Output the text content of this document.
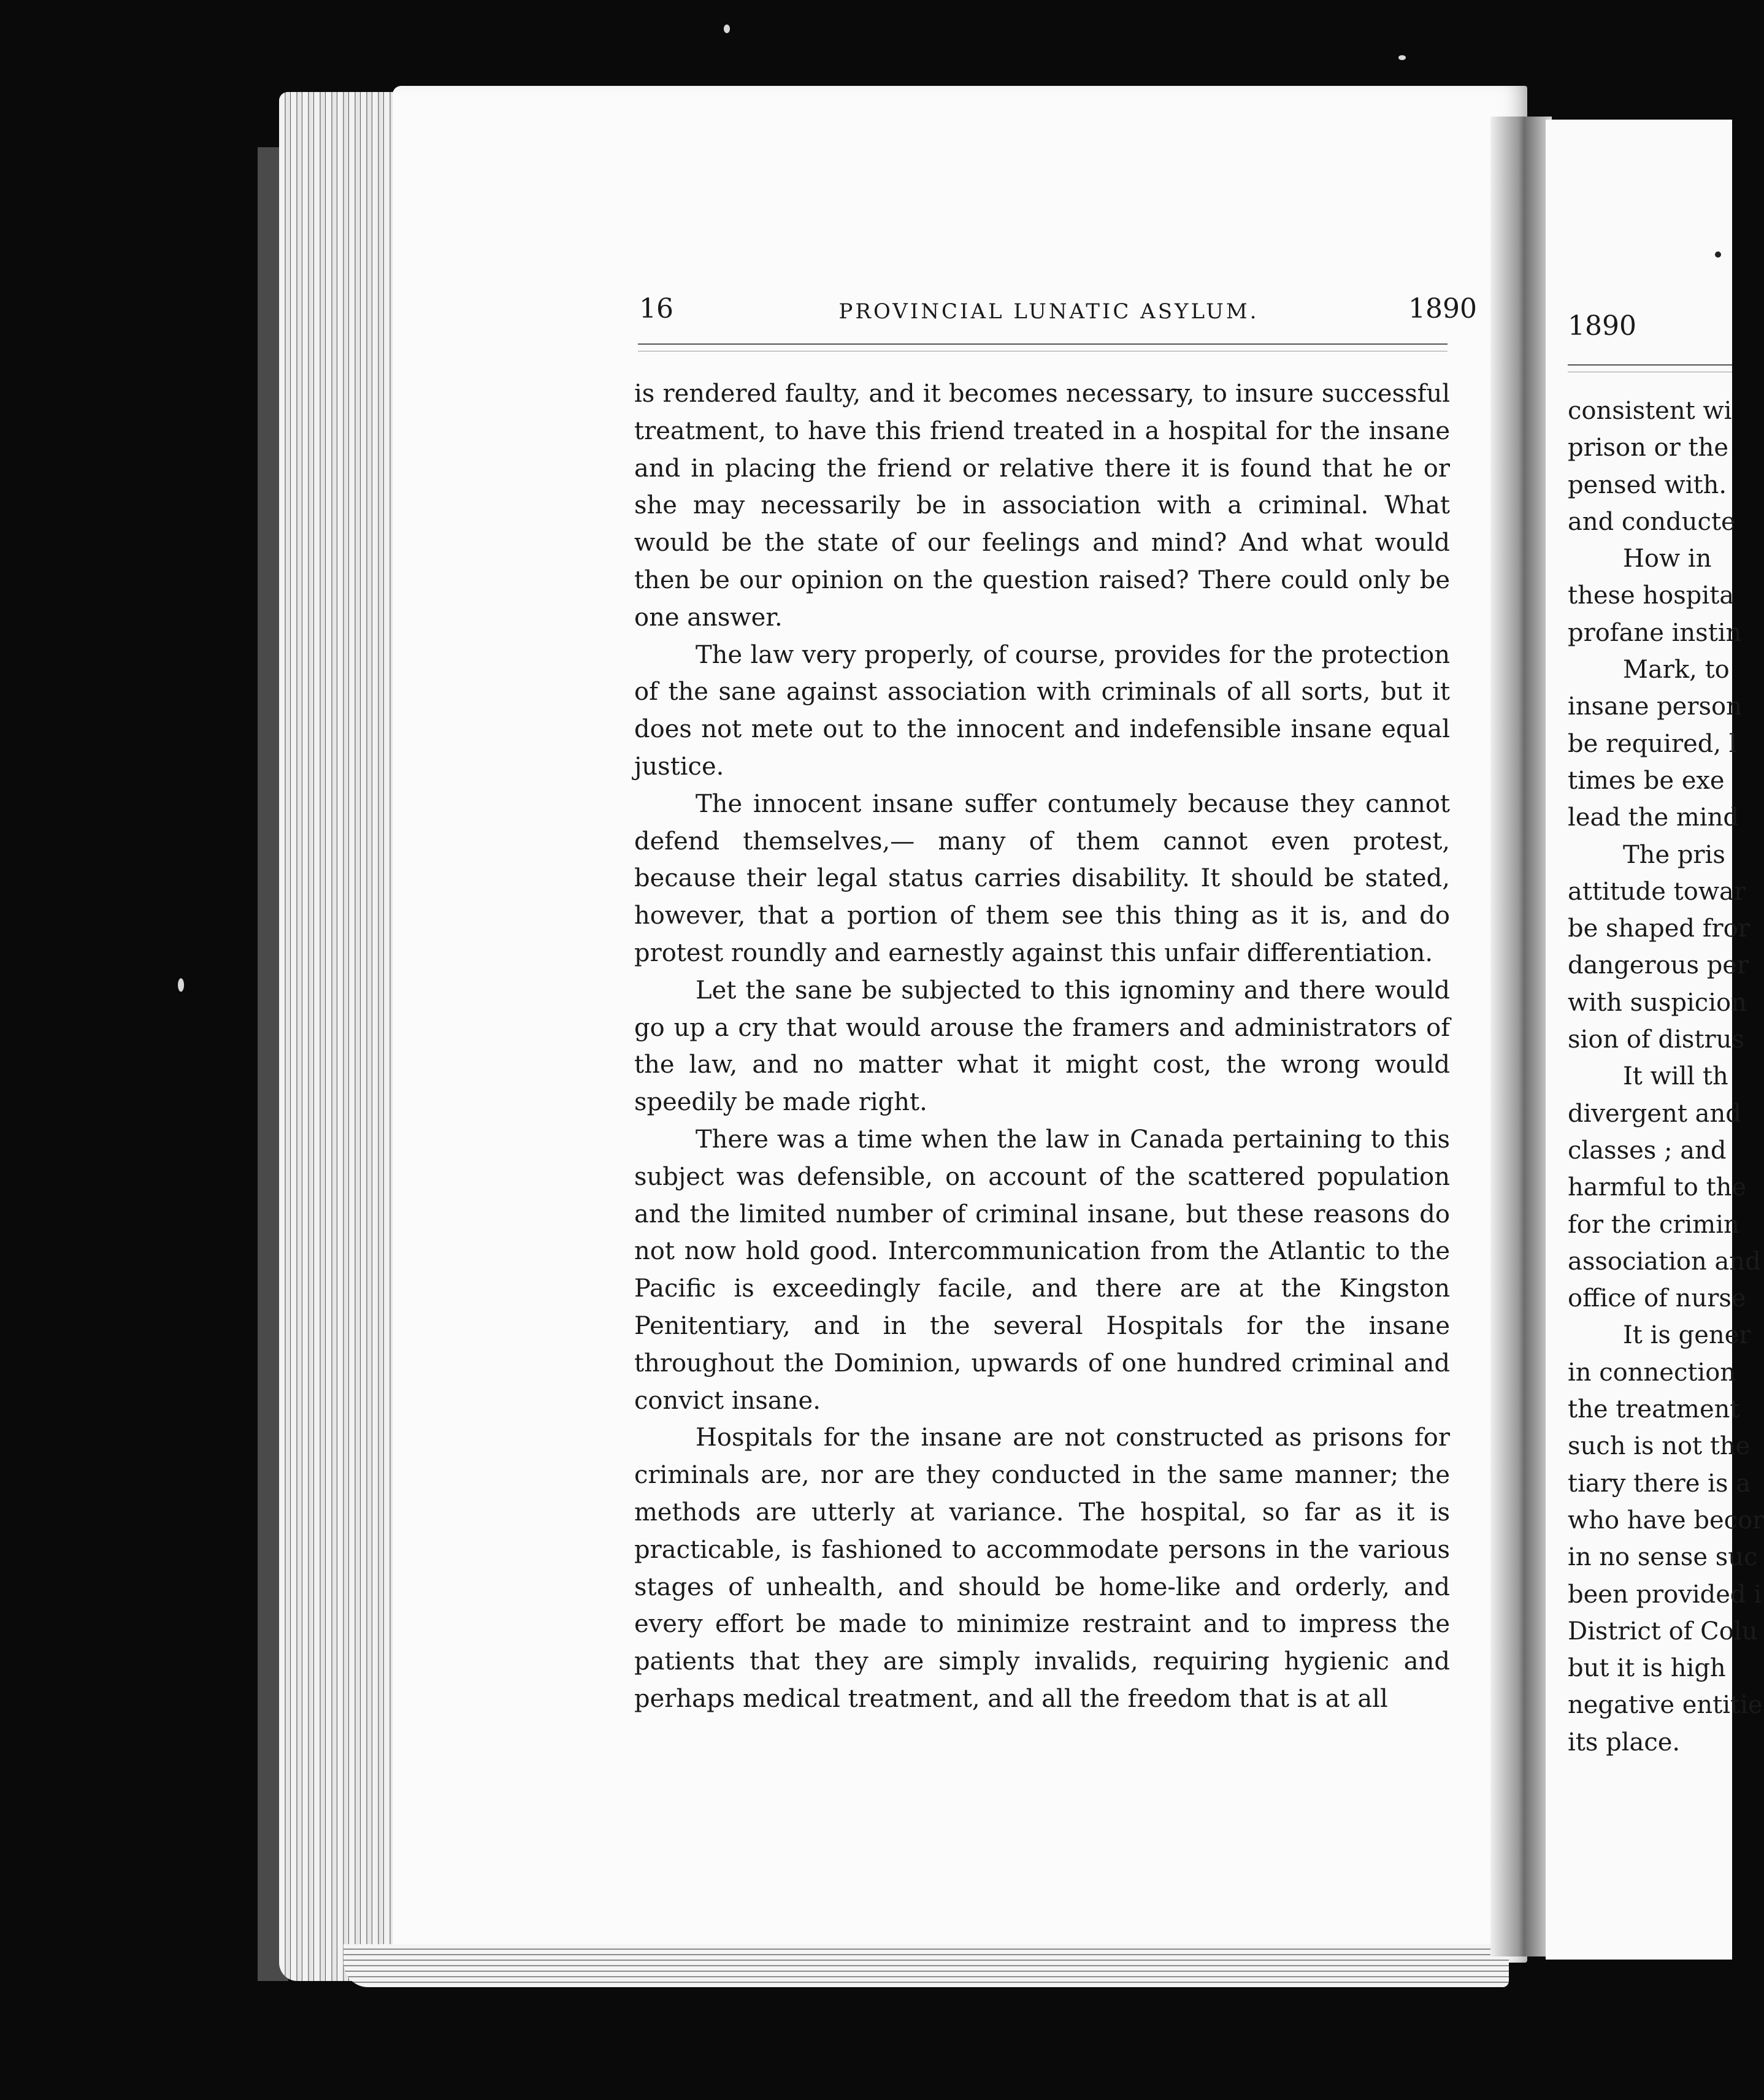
16	PROVINCIAL LUNATIC ASYLUM.	1890
1890

is rendered faulty, and it becomes necessary, to insure successful treatment, to have this friend treated in a hospital for the insane and in placing the friend or relative there it is found that he or she may necessarily be in association with a criminal. What would be the state of our feelings and mind? And what would then be our opinion on the question raised? There could only be one answer.

The law very properly, of course, provides for the protection of the sane against association with criminals of all sorts, but it does not mete out to the innocent and indefensible insane equal justice.

The innocent insane suffer contumely because they cannot defend themselves,— many of them cannot even protest, because their legal status carries disability. It should be stated, however, that a portion of them see this thing as it is, and do protest roundly and earnestly against this unfair differentiation.

Let the sane be subjected to this ignominy and there would go up a cry that would arouse the framers and administrators of the law, and no matter what it might cost, the wrong would speedily be made right.

There was a time when the law in Canada pertaining to this subject was defensible, on account of the scattered population and the limited number of criminal insane, but these reasons do not now hold good. Intercommunication from the Atlantic to the Pacific is exceedingly facile, and there are at the Kingston Penitentiary, and in the several Hospitals for the insane throughout the Dominion, upwards of one hundred criminal and convict insane.

Hospitals for the insane are not constructed as prisons for criminals are, nor are they conducted in the same manner; the methods are utterly at variance. The hospital, so far as it is practicable, is fashioned to accommodate persons in the various stages of unhealth, and should be home-like and orderly, and every effort be made to minimize restraint and to impress the patients that they are simply invalids, requiring hygienic and perhaps medical treatment, and all the freedom that is at all

consistent wi
prison or the
pensed with.
and conducte
How in
these hospita
profane instin
Mark, to
insane person
be required, l
times be exe
lead the mind
The pris
attitude towar
be shaped fror
dangerous per
with suspicion
sion of distrus
It will th
divergent and
classes ; and
harmful to the
for the crimin
association and
office of nurse
It is gener
in connection
the treatment
such is not the
tiary there is a
who have becor
in no sense suc
been provided i
District of Colu
but it is high
negative entitie
its place.
